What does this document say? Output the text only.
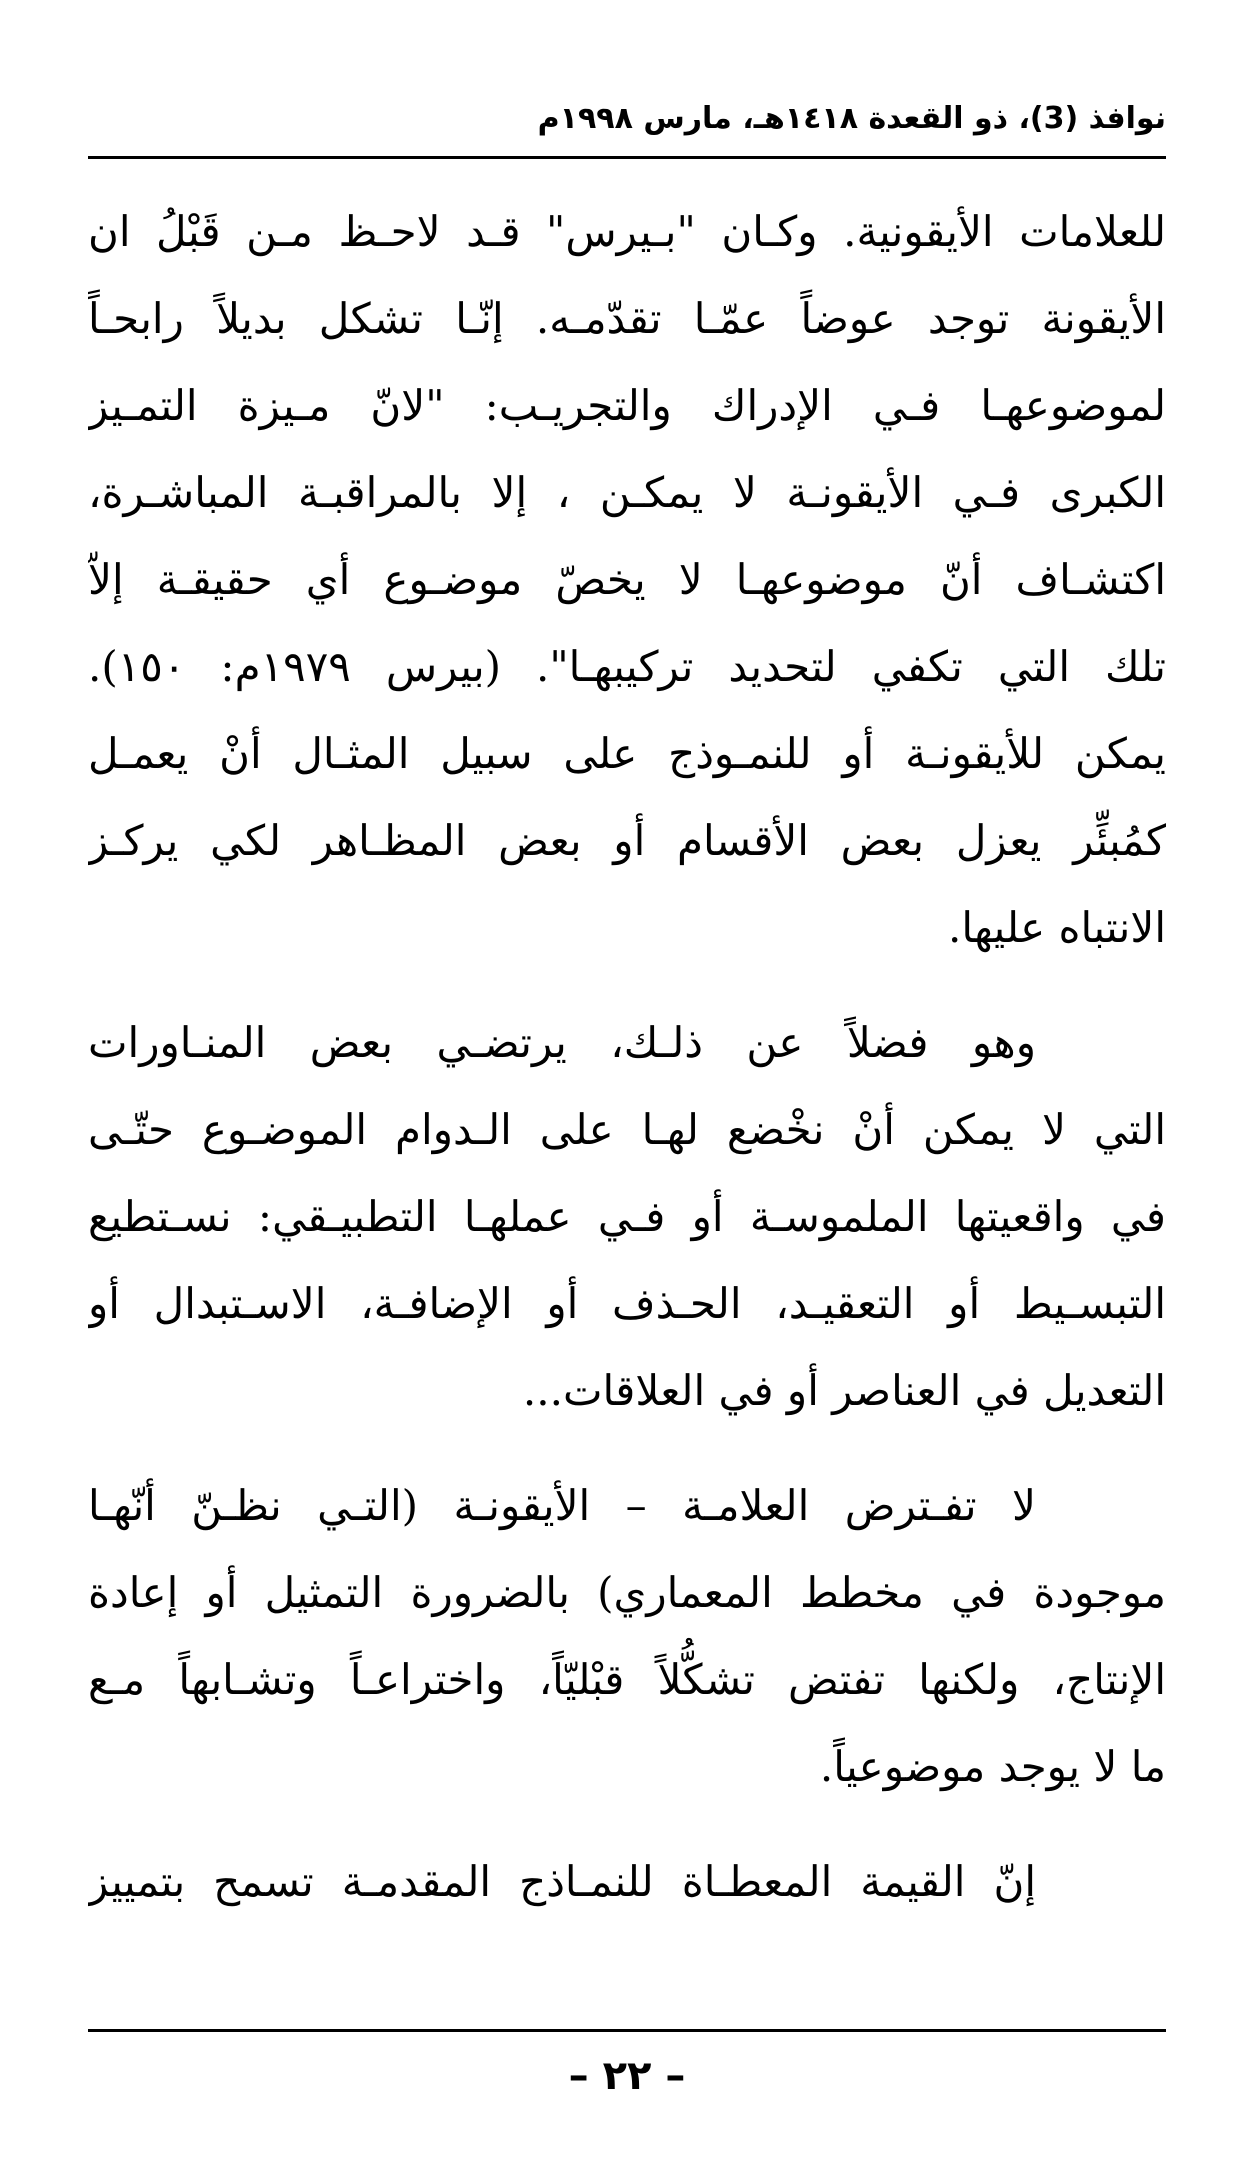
نوافذ (3)، ذو القعدة ١٤١٨هـ، مارس ١٩٩٨م
للعلامات الأيقونية. وكـان "بـيرس" قـد لاحـظ مـن قَبْلُ ان
الأيقونة توجد عوضاً عمّـا تقدّمـه. إنّـا تشكل بديلاً رابحـاً
لموضوعهـا فـي الإدراك والتجريـب: "لانّ مـيزة التمـيز
الكبرى فـي الأيقونـة لا يمكـن ، إلا بالمراقبـة المباشـرة،
اكتشـاف أنّ موضوعهـا لا يخصّ موضـوع أي حقيقـة إلاّ
تلك التي تكفي لتحديد تركيبهـا". (بيرس ١٩٧٩م: ١٥٠).
يمكن للأيقونـة أو للنمـوذج على سبيل المثـال أنْ يعمـل
كمُبئِّر يعزل بعض الأقسام أو بعض المظـاهر لكي يركـز
الانتباه عليها.
وهو فضلاً عن ذلـك، يرتضـي بعض المنـاورات
التي لا يمكن أنْ نخْضع لهـا على الـدوام الموضـوع حتّـى
في واقعيتها الملموسـة أو فـي عملهـا التطبيـقي: نسـتطيع
التبسـيط أو التعقيـد، الحـذف أو الإضافـة، الاسـتبدال أو
التعديل في العناصر أو في العلاقات...
لا تفـترض العلامـة – الأيقونـة (التـي نظـنّ أنّهـا
موجودة في مخطط المعماري) بالضرورة التمثيل أو إعادة
الإنتاج، ولكنها تفتض تشكُّلاً قبْليّاً، واختراعـاً وتشـابهاً مـع
ما لا يوجد موضوعياً.
إنّ القيمة المعطـاة للنمـاذج المقدمـة تسمح بتمييز
– ٢٢ –
